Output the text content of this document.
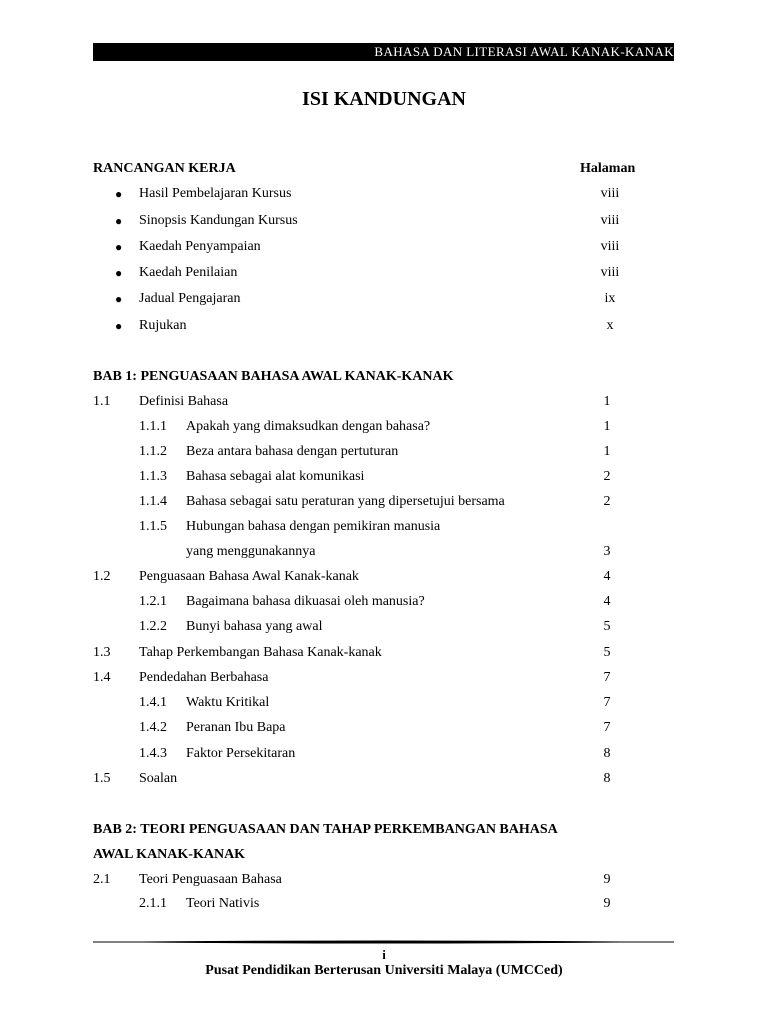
BAHASA DAN LITERASI AWAL KANAK-KANAK
ISI KANDUNGAN
RANCANGAN KERJA	Halaman
● Hasil Pembelajaran Kursus	viii
● Sinopsis Kandungan Kursus	viii
● Kaedah Penyampaian	viii
● Kaedah Penilaian	viii
● Jadual Pengajaran	ix
● Rujukan	x
BAB 1: PENGUASAAN BAHASA AWAL KANAK-KANAK
1.1 Definisi Bahasa	1
1.1.1 Apakah yang dimaksudkan dengan bahasa?	1
1.1.2 Beza antara bahasa dengan pertuturan	1
1.1.3 Bahasa sebagai alat komunikasi	2
1.1.4 Bahasa sebagai satu peraturan yang dipersetujui bersama	2
1.1.5 Hubungan bahasa dengan pemikiran manusia
yang menggunakannya	3
1.2 Penguasaan Bahasa Awal Kanak-kanak	4
1.2.1 Bagaimana bahasa dikuasai oleh manusia?	4
1.2.2 Bunyi bahasa yang awal	5
1.3 Tahap Perkembangan Bahasa Kanak-kanak	5
1.4 Pendedahan Berbahasa	7
1.4.1 Waktu Kritikal	7
1.4.2 Peranan Ibu Bapa	7
1.4.3 Faktor Persekitaran	8
1.5 Soalan	8
BAB 2: TEORI PENGUASAAN DAN TAHAP PERKEMBANGAN BAHASA
AWAL KANAK-KANAK
2.1 Teori Penguasaan Bahasa	9
2.1.1 Teori Nativis	9
i
Pusat Pendidikan Berterusan Universiti Malaya (UMCCed)
